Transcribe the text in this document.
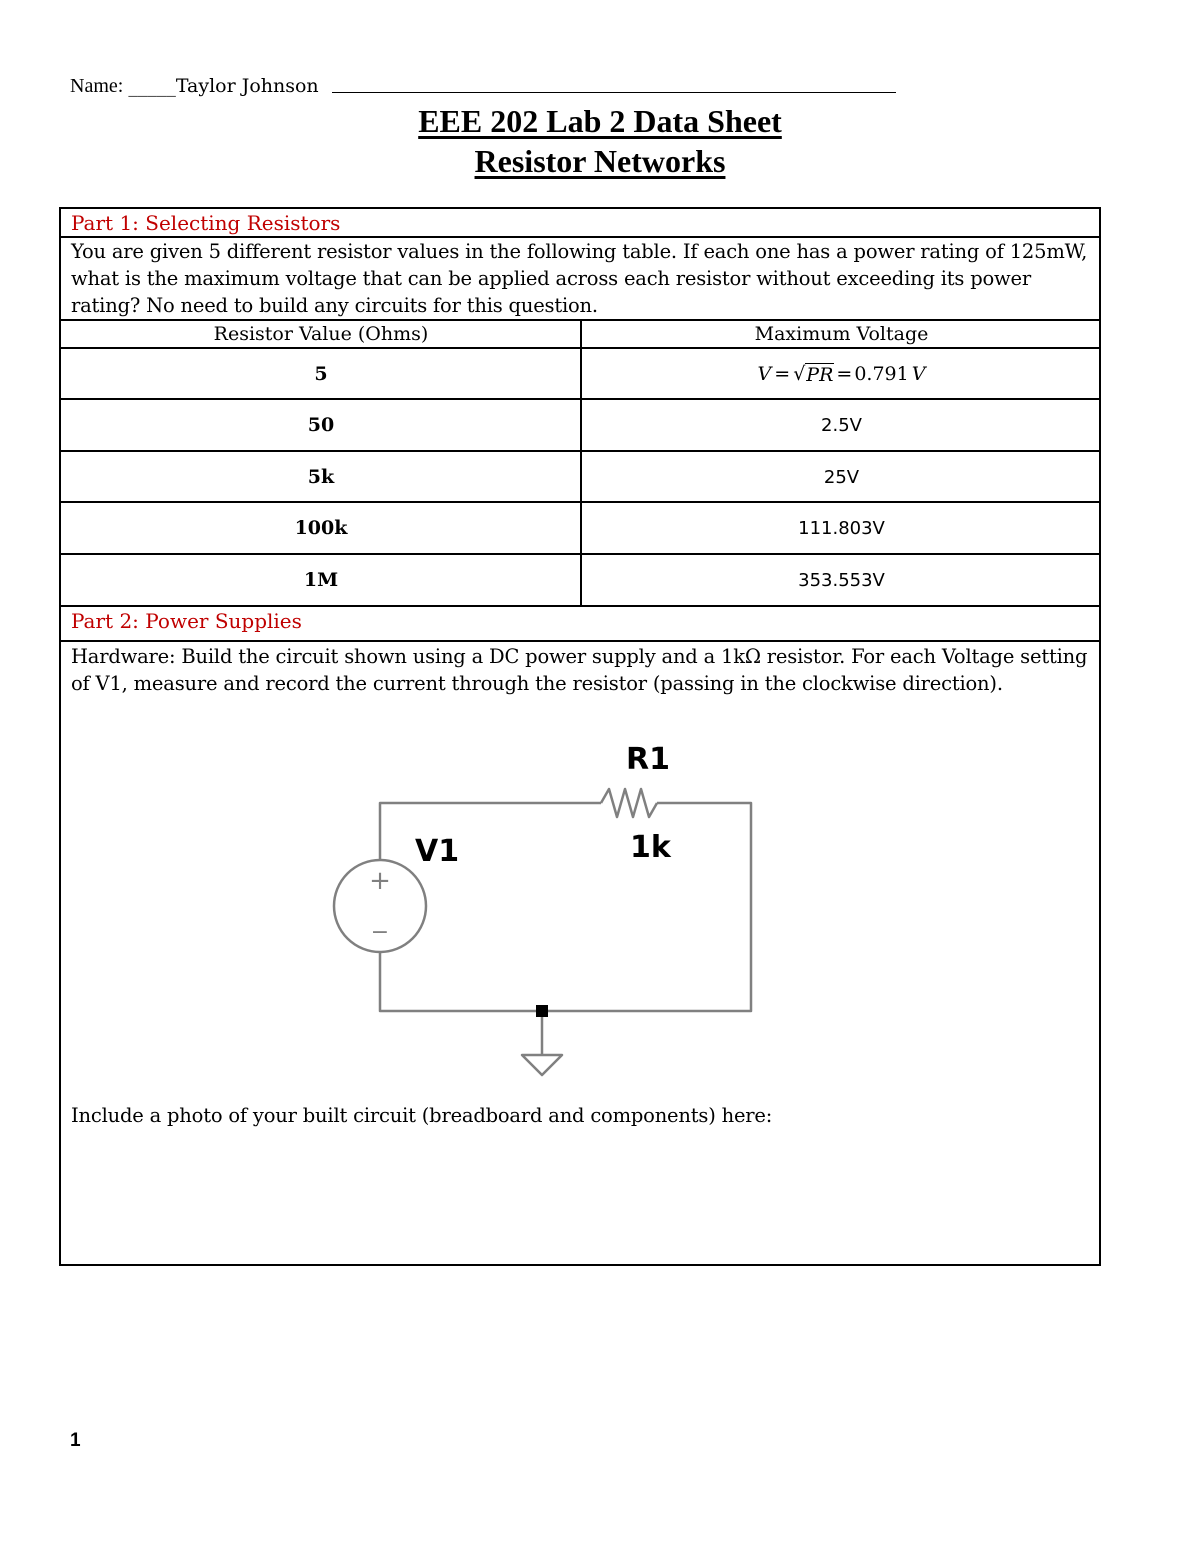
Name: _____Taylor Johnson
EEE 202 Lab 2 Data Sheet
Resistor Networks
Part 1: Selecting Resistors
You are given 5 different resistor values in the following table. If each one has a power rating of 125mW, what is the maximum voltage that can be applied across each resistor without exceeding its power rating? No need to build any circuits for this question.
Resistor Value (Ohms)	Maximum Voltage
5	V = √ PR = 0.791 V
50	2.5V
5k	25V
100k	111.803V
1M	353.553V
Part 2: Power Supplies
Hardware: Build the circuit shown using a DC power supply and a 1kΩ resistor. For each Voltage setting of V1, measure and record the current through the resistor (passing in the clockwise direction).
+
−
V1
R1
1k
Include a photo of your built circuit (breadboard and components) here:
1
